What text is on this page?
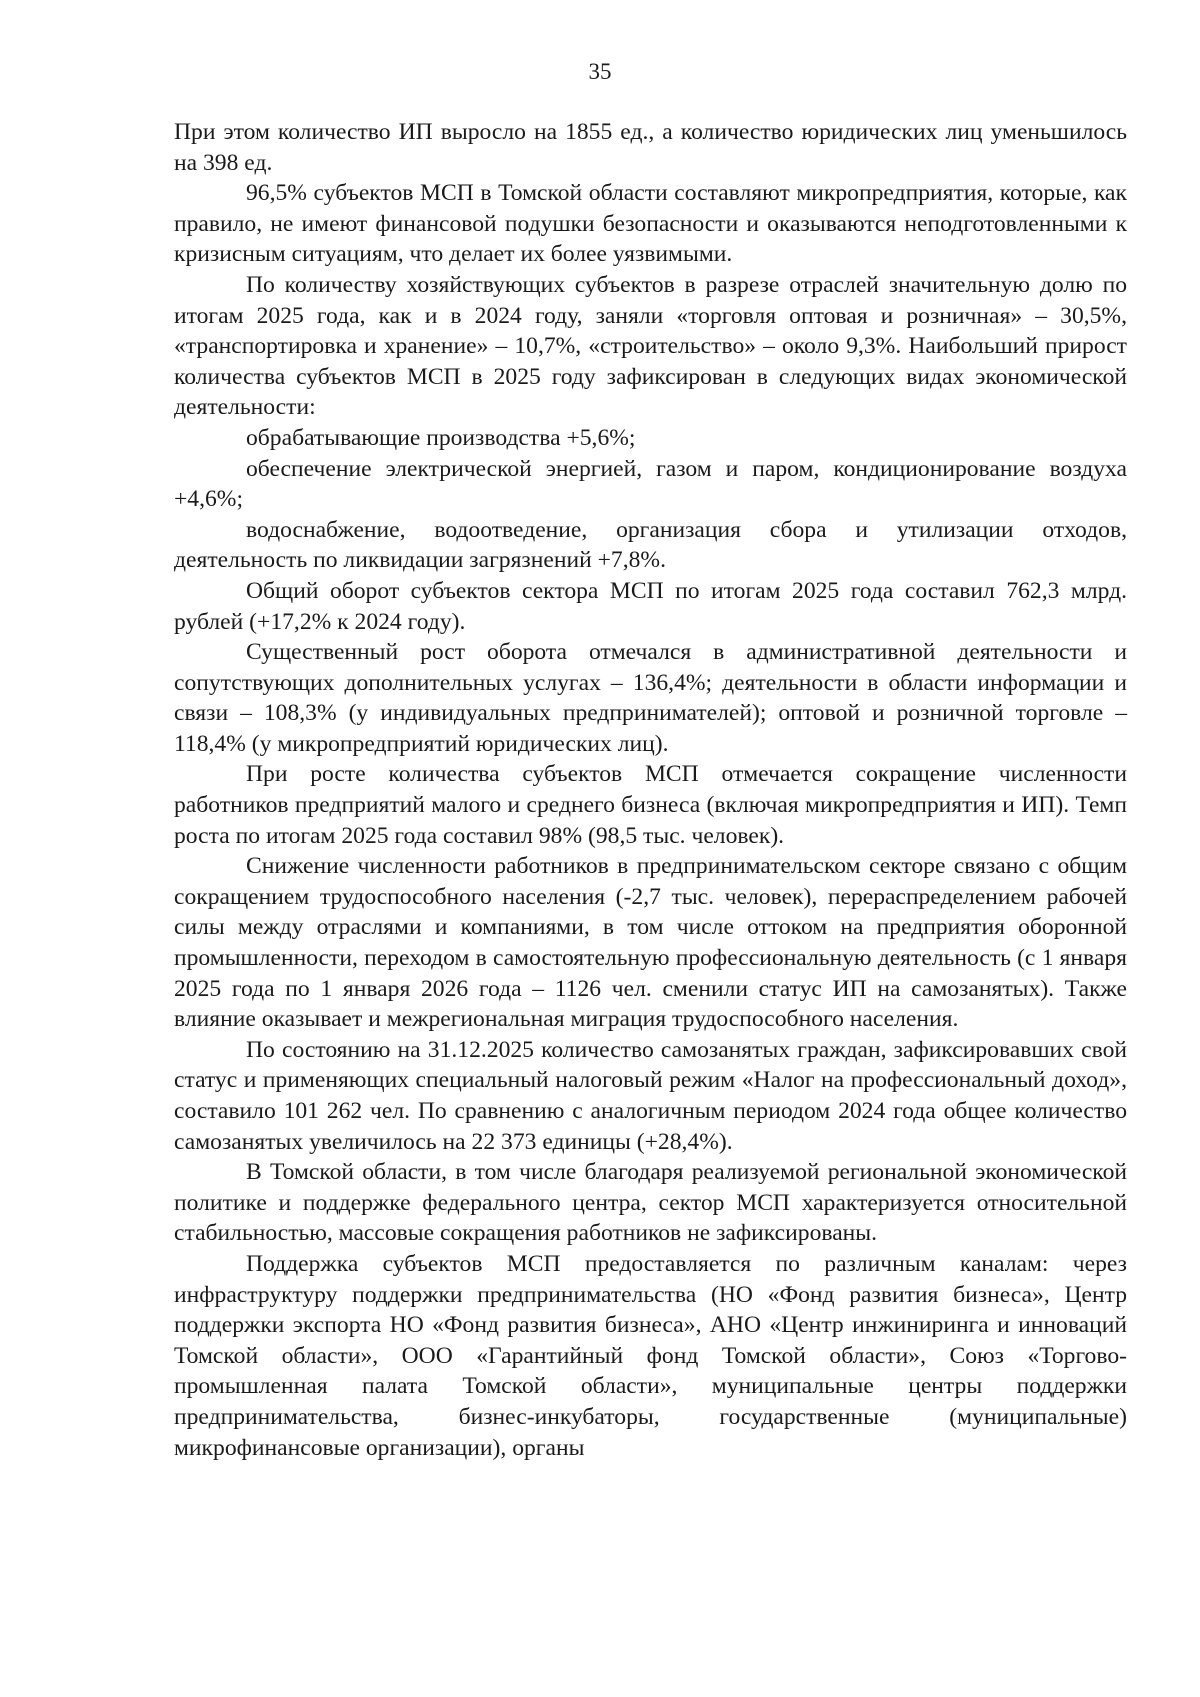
35

При этом количество ИП выросло на 1855 ед., а количество юридических лиц уменьшилось на 398 ед.

96,5% субъектов МСП в Томской области составляют микропредприятия, которые, как правило, не имеют финансовой подушки безопасности и оказываются неподготовленными к кризисным ситуациям, что делает их более уязвимыми.

По количеству хозяйствующих субъектов в разрезе отраслей значительную долю по итогам 2025 года, как и в 2024 году, заняли «торговля оптовая и розничная» – 30,5%, «транспортировка и хранение» – 10,7%, «строительство» – около 9,3%. Наибольший прирост количества субъектов МСП в 2025 году зафиксирован в следующих видах экономической деятельности:

обрабатывающие производства +5,6%;

обеспечение электрической энергией, газом и паром, кондиционирование воздуха +4,6%;

водоснабжение, водоотведение, организация сбора и утилизации отходов, деятельность по ликвидации загрязнений +7,8%.

Общий оборот субъектов сектора МСП по итогам 2025 года составил 762,3 млрд. рублей (+17,2% к 2024 году).

Существенный рост оборота отмечался в административной деятельности и сопутствующих дополнительных услугах – 136,4%; деятельности в области информации и связи – 108,3% (у индивидуальных предпринимателей); оптовой и розничной торговле – 118,4% (у микропредприятий юридических лиц).

При росте количества субъектов МСП отмечается сокращение численности работников предприятий малого и среднего бизнеса (включая микропредприятия и ИП). Темп роста по итогам 2025 года составил 98% (98,5 тыс. человек).

Снижение численности работников в предпринимательском секторе связано с общим сокращением трудоспособного населения (-2,7 тыс. человек), перераспределением рабочей силы между отраслями и компаниями, в том числе оттоком на предприятия оборонной промышленности, переходом в самостоятельную профессиональную деятельность (с 1 января 2025 года по 1 января 2026 года – 1126 чел. сменили статус ИП на самозанятых). Также влияние оказывает и межрегиональная миграция трудоспособного населения.

По состоянию на 31.12.2025 количество самозанятых граждан, зафиксировавших свой статус и применяющих специальный налоговый режим «Налог на профессиональный доход», составило 101 262 чел. По сравнению с аналогичным периодом 2024 года общее количество самозанятых увеличилось на 22 373 единицы (+28,4%).

В Томской области, в том числе благодаря реализуемой региональной экономической политике и поддержке федерального центра, сектор МСП характеризуется относительной стабильностью, массовые сокращения работников не зафиксированы.

Поддержка субъектов МСП предоставляется по различным каналам: через инфраструктуру поддержки предпринимательства (НО «Фонд развития бизнеса», Центр поддержки экспорта НО «Фонд развития бизнеса», АНО «Центр инжиниринга и инноваций Томской области», ООО «Гарантийный фонд Томской области», Союз «Торгово-промышленная палата Томской области», муниципальные центры поддержки предпринимательства, бизнес-инкубаторы, государственные (муниципальные) микрофинансовые организации), органы
